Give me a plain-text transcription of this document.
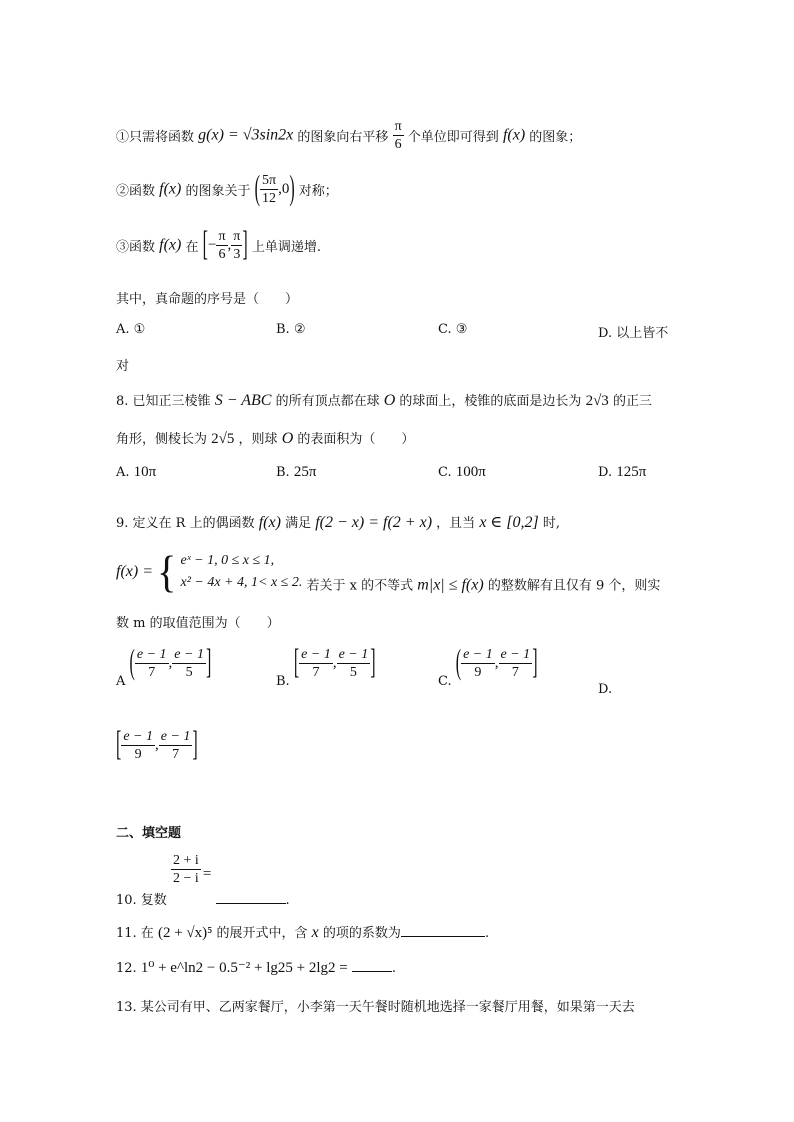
①只需将函数 g(x) = √3sin2x 的图象向右平移 $\frac{\pi}{6}$ 个单位即可得到 f(x) 的图象；
②函数 f(x) 的图象关于 ( $\frac{5\pi}{12} ,0$) 对称；
③函数 f(x) 在 [− $\frac{\pi}{6}$ , $\frac{\pi}{3}$ ] 上单调递增.
其中，真命题的序号是（　　）
A. ①	B. ②	C. ③	D. 以上皆不
对
8. 已知正三棱锥 S − ABC 的所有顶点都在球 O 的球面上，棱锥的底面是边长为 2√3 的正三
角形，侧棱长为 2√5 ，则球 O 的表面积为（　　）
A. 10π	B. 25π	C. 100π	D. 125π
9. 定义在 R 上的偶函数 f(x) 满足 f(2 − x) = f(2 + x) ，且当 x ∈ [0,2] 时,
f(x) = { eˣ − 1, 0 ≤ x ≤ 1,
x² − 4x + 4, 1< x ≤ 2. 若关于 x 的不等式 m|x| ≤ f(x) 的整数解有且仅有 9 个，则实
数 m 的取值范围为（　　）
A ( $\frac{e - 1}{7}$ , $\frac{e - 1}{5}$ ]
B. [ $\frac{e - 1}{7}$ , $\frac{e - 1}{5}$ ]
C. ( $\frac{e - 1}{9}$ , $\frac{e - 1}{7}$ ]
D.
[ $\frac{e - 1}{9}$ , $\frac{e - 1}{7}$ ]
二、填空题
10. 复数
$\frac{2 + i}{2 - i}$ = .
11. 在 (2 + √x)⁵ 的展开式中，含 x 的项的系数为	.
12. 1⁰ + e^ln2 − 0.5⁻² + lg25 + 2lg2 =	.
13. 某公司有甲、乙两家餐厅，小李第一天午餐时随机地选择一家餐厅用餐，如果第一天去
